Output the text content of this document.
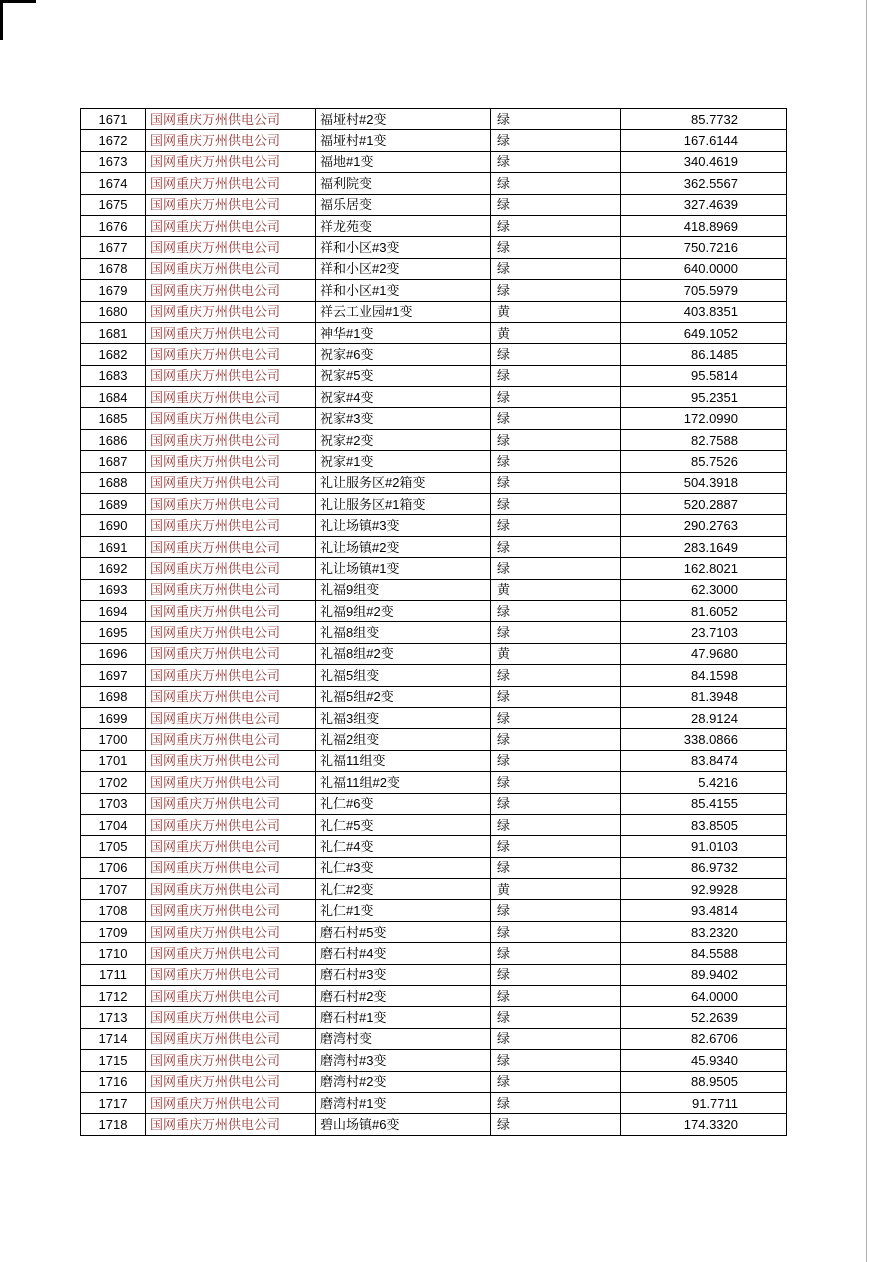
1671	国网重庆万州供电公司	福垭村#2变	绿	85.7732
1672	国网重庆万州供电公司	福垭村#1变	绿	167.6144
1673	国网重庆万州供电公司	福地#1变	绿	340.4619
1674	国网重庆万州供电公司	福利院变	绿	362.5567
1675	国网重庆万州供电公司	福乐居变	绿	327.4639
1676	国网重庆万州供电公司	祥龙苑变	绿	418.8969
1677	国网重庆万州供电公司	祥和小区#3变	绿	750.7216
1678	国网重庆万州供电公司	祥和小区#2变	绿	640.0000
1679	国网重庆万州供电公司	祥和小区#1变	绿	705.5979
1680	国网重庆万州供电公司	祥云工业园#1变	黄	403.8351
1681	国网重庆万州供电公司	神华#1变	黄	649.1052
1682	国网重庆万州供电公司	祝家#6变	绿	86.1485
1683	国网重庆万州供电公司	祝家#5变	绿	95.5814
1684	国网重庆万州供电公司	祝家#4变	绿	95.2351
1685	国网重庆万州供电公司	祝家#3变	绿	172.0990
1686	国网重庆万州供电公司	祝家#2变	绿	82.7588
1687	国网重庆万州供电公司	祝家#1变	绿	85.7526
1688	国网重庆万州供电公司	礼让服务区#2箱变	绿	504.3918
1689	国网重庆万州供电公司	礼让服务区#1箱变	绿	520.2887
1690	国网重庆万州供电公司	礼让场镇#3变	绿	290.2763
1691	国网重庆万州供电公司	礼让场镇#2变	绿	283.1649
1692	国网重庆万州供电公司	礼让场镇#1变	绿	162.8021
1693	国网重庆万州供电公司	礼福9组变	黄	62.3000
1694	国网重庆万州供电公司	礼福9组#2变	绿	81.6052
1695	国网重庆万州供电公司	礼福8组变	绿	23.7103
1696	国网重庆万州供电公司	礼福8组#2变	黄	47.9680
1697	国网重庆万州供电公司	礼福5组变	绿	84.1598
1698	国网重庆万州供电公司	礼福5组#2变	绿	81.3948
1699	国网重庆万州供电公司	礼福3组变	绿	28.9124
1700	国网重庆万州供电公司	礼福2组变	绿	338.0866
1701	国网重庆万州供电公司	礼福11组变	绿	83.8474
1702	国网重庆万州供电公司	礼福11组#2变	绿	5.4216
1703	国网重庆万州供电公司	礼仁#6变	绿	85.4155
1704	国网重庆万州供电公司	礼仁#5变	绿	83.8505
1705	国网重庆万州供电公司	礼仁#4变	绿	91.0103
1706	国网重庆万州供电公司	礼仁#3变	绿	86.9732
1707	国网重庆万州供电公司	礼仁#2变	黄	92.9928
1708	国网重庆万州供电公司	礼仁#1变	绿	93.4814
1709	国网重庆万州供电公司	磨石村#5变	绿	83.2320
1710	国网重庆万州供电公司	磨石村#4变	绿	84.5588
1711	国网重庆万州供电公司	磨石村#3变	绿	89.9402
1712	国网重庆万州供电公司	磨石村#2变	绿	64.0000
1713	国网重庆万州供电公司	磨石村#1变	绿	52.2639
1714	国网重庆万州供电公司	磨湾村变	绿	82.6706
1715	国网重庆万州供电公司	磨湾村#3变	绿	45.9340
1716	国网重庆万州供电公司	磨湾村#2变	绿	88.9505
1717	国网重庆万州供电公司	磨湾村#1变	绿	91.7711
1718	国网重庆万州供电公司	碧山场镇#6变	绿	174.3320
